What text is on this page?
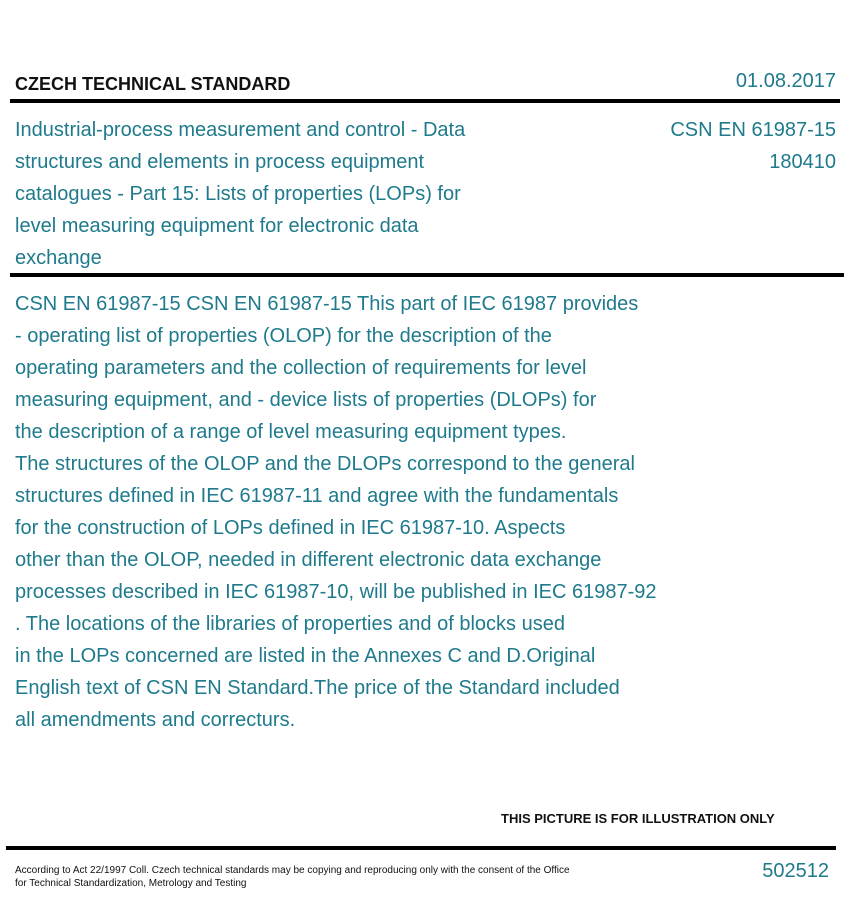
CZECH TECHNICAL STANDARD	01.08.2017
Industrial-process measurement and control - Data structures and elements in process equipment catalogues - Part 15: Lists of properties (LOPs) for level measuring equipment for electronic data exchange
CSN EN 61987-15
180410
CSN EN 61987-15 CSN EN 61987-15 This part of IEC 61987 provides
- operating list of properties (OLOP) for the description of the
operating parameters and the collection of requirements for level
measuring equipment, and - device lists of properties (DLOPs) for
the description of a range of level measuring equipment types.
The structures of the OLOP and the DLOPs correspond to the general
structures defined in IEC 61987-11 and agree with the fundamentals
for the construction of LOPs defined in IEC 61987-10. Aspects
other than the OLOP, needed in different electronic data exchange
processes described in IEC 61987-10, will be published in IEC 61987-92
. The locations of the libraries of properties and of blocks used
in the LOPs concerned are listed in the Annexes C and D.Original
English text of CSN EN Standard.The price of the Standard included
all amendments and correcturs.
THIS PICTURE IS FOR ILLUSTRATION ONLY
According to Act 22/1997 Coll. Czech technical standards may be copying and reproducing only with the consent of the Office
for Technical Standardization, Metrology and Testing
502512
